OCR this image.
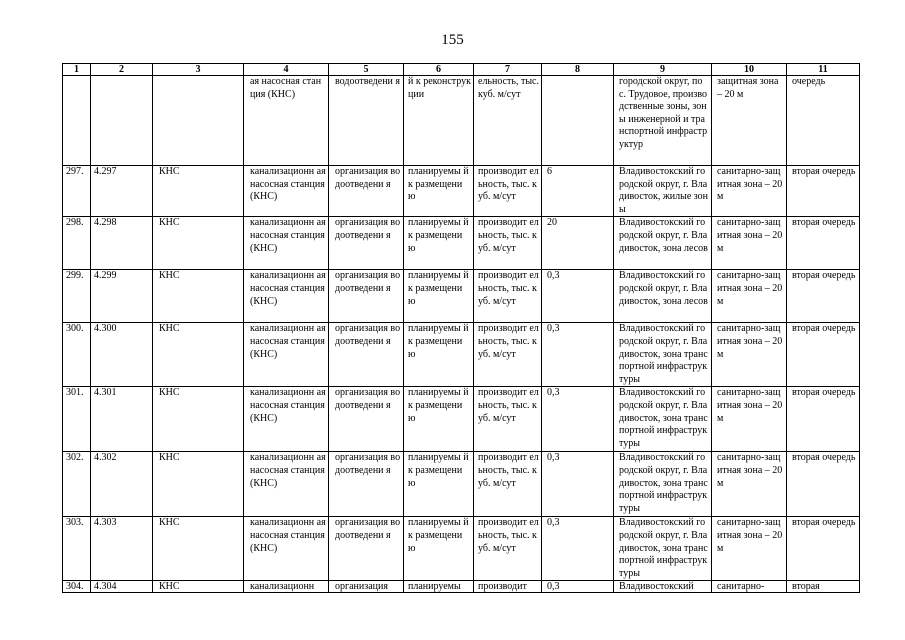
155
1	2	3	4	5	6	7	8	9	10	11
			ая насосная станция (КНС)	водоотведени я	й к реконструк ции	ельность, тыс. куб. м/сут		городской округ, пос. Трудовое, производственные зоны, зоны инженерной и транспортной инфраструктур	защитная зона – 20 м	очередь
297.	4.297	КНС	канализационн ая насосная станция (КНС)	организация водоотведени я	планируемы й к размещени ю	производит ельность, тыс. куб. м/сут	6	Владивостокский городской округ, г. Владивосток, жилые зоны	санитарно-защитная зона – 20 м	вторая очередь
298.	4.298	КНС	канализационн ая насосная станция (КНС)	организация водоотведени я	планируемы й к размещени ю	производит ельность, тыс. куб. м/сут	20	Владивостокский городской округ, г. Владивосток, зона лесов	санитарно-защитная зона – 20 м	вторая очередь
299.	4.299	КНС	канализационн ая насосная станция (КНС)	организация водоотведени я	планируемы й к размещени ю	производит ельность, тыс. куб. м/сут	0,3	Владивостокский городской округ, г. Владивосток, зона лесов	санитарно-защитная зона – 20 м	вторая очередь
300.	4.300	КНС	канализационн ая насосная станция (КНС)	организация водоотведени я	планируемы й к размещени ю	производит ельность, тыс. куб. м/сут	0,3	Владивостокский городской округ, г. Владивосток, зона транспортной инфраструктуры	санитарно-защитная зона – 20 м	вторая очередь
301.	4.301	КНС	канализационн ая насосная станция (КНС)	организация водоотведени я	планируемы й к размещени ю	производит ельность, тыс. куб. м/сут	0,3	Владивостокский городской округ, г. Владивосток, зона транспортной инфраструктуры	санитарно-защитная зона – 20 м	вторая очередь
302.	4.302	КНС	канализационн ая насосная станция (КНС)	организация водоотведени я	планируемы й к размещени ю	производит ельность, тыс. куб. м/сут	0,3	Владивостокский городской округ, г. Владивосток, зона транспортной инфраструктуры	санитарно-защитная зона – 20 м	вторая очередь
303.	4.303	КНС	канализационн ая насосная станция (КНС)	организация водоотведени я	планируемы й к размещени ю	производит ельность, тыс. куб. м/сут	0,3	Владивостокский городской округ, г. Владивосток, зона транспортной инфраструктуры	санитарно-защитная зона – 20 м	вторая очередь
304.	4.304	КНС	канализационн	организация	планируемы	производит	0,3	Владивостокский	санитарно-	вторая
